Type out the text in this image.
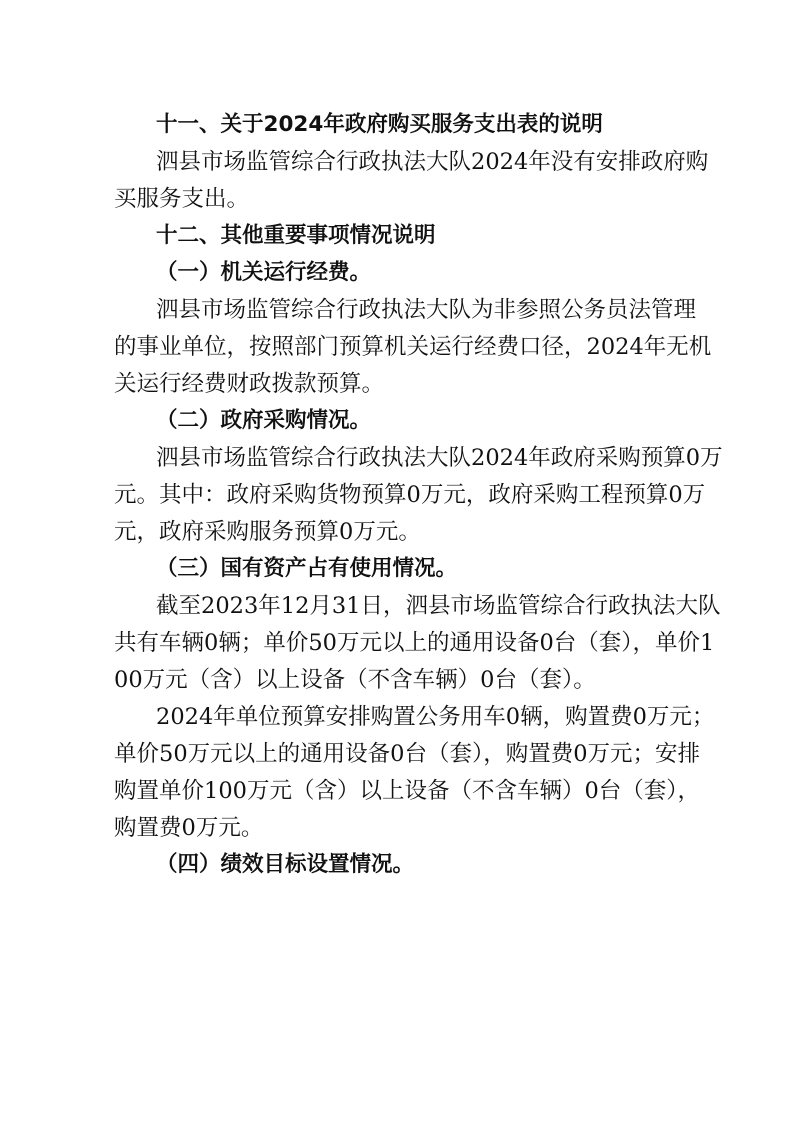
十一、关于2024年政府购买服务支出表的说明
泗县市场监管综合行政执法大队2024年没有安排政府购
买服务支出。
十二、其他重要事项情况说明
（一）机关运行经费。
泗县市场监管综合行政执法大队为非参照公务员法管理
的事业单位，按照部门预算机关运行经费口径，2024年无机
关运行经费财政拨款预算。
（二）政府采购情况。
泗县市场监管综合行政执法大队2024年政府采购预算0万
元。其中：政府采购货物预算0万元，政府采购工程预算0万
元，政府采购服务预算0万元。
（三）国有资产占有使用情况。
截至2023年12月31日，泗县市场监管综合行政执法大队
共有车辆0辆；单价50万元以上的通用设备0台（套），单价1
00万元（含）以上设备（不含车辆）0台（套）。
2024年单位预算安排购置公务用车0辆，购置费0万元；
单价50万元以上的通用设备0台（套），购置费0万元；安排
购置单价100万元（含）以上设备（不含车辆）0台（套），
购置费0万元。
（四）绩效目标设置情况。
